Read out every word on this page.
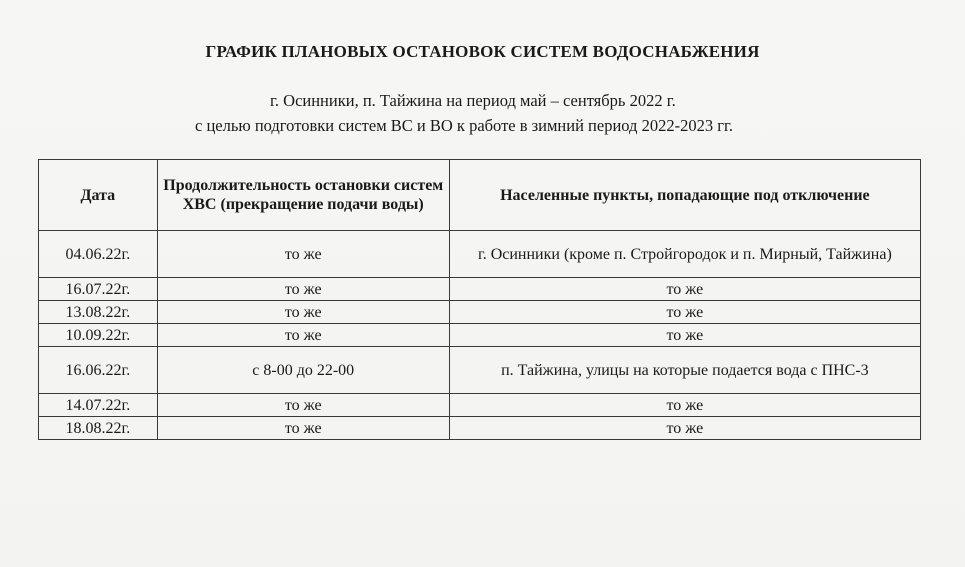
ГРАФИК ПЛАНОВЫХ ОСТАНОВОК СИСТЕМ ВОДОСНАБЖЕНИЯ
г. Осинники, п. Тайжина на период май – сентябрь 2022 г.
с целью подготовки систем ВС и ВО к работе в зимний период 2022-2023 гг.
Дата	Продолжительность остановки систем ХВС (прекращение подачи воды)	Населенные пункты, попадающие под отключение
04.06.22г.	то же	г. Осинники (кроме п. Стройгородок и п. Мирный, Тайжина)
16.07.22г.	то же	то же
13.08.22г.	то же	то же
10.09.22г.	то же	то же
16.06.22г.	с 8-00 до 22-00	п. Тайжина, улицы на которые подается вода с ПНС-3
14.07.22г.	то же	то же
18.08.22г.	то же	то же
